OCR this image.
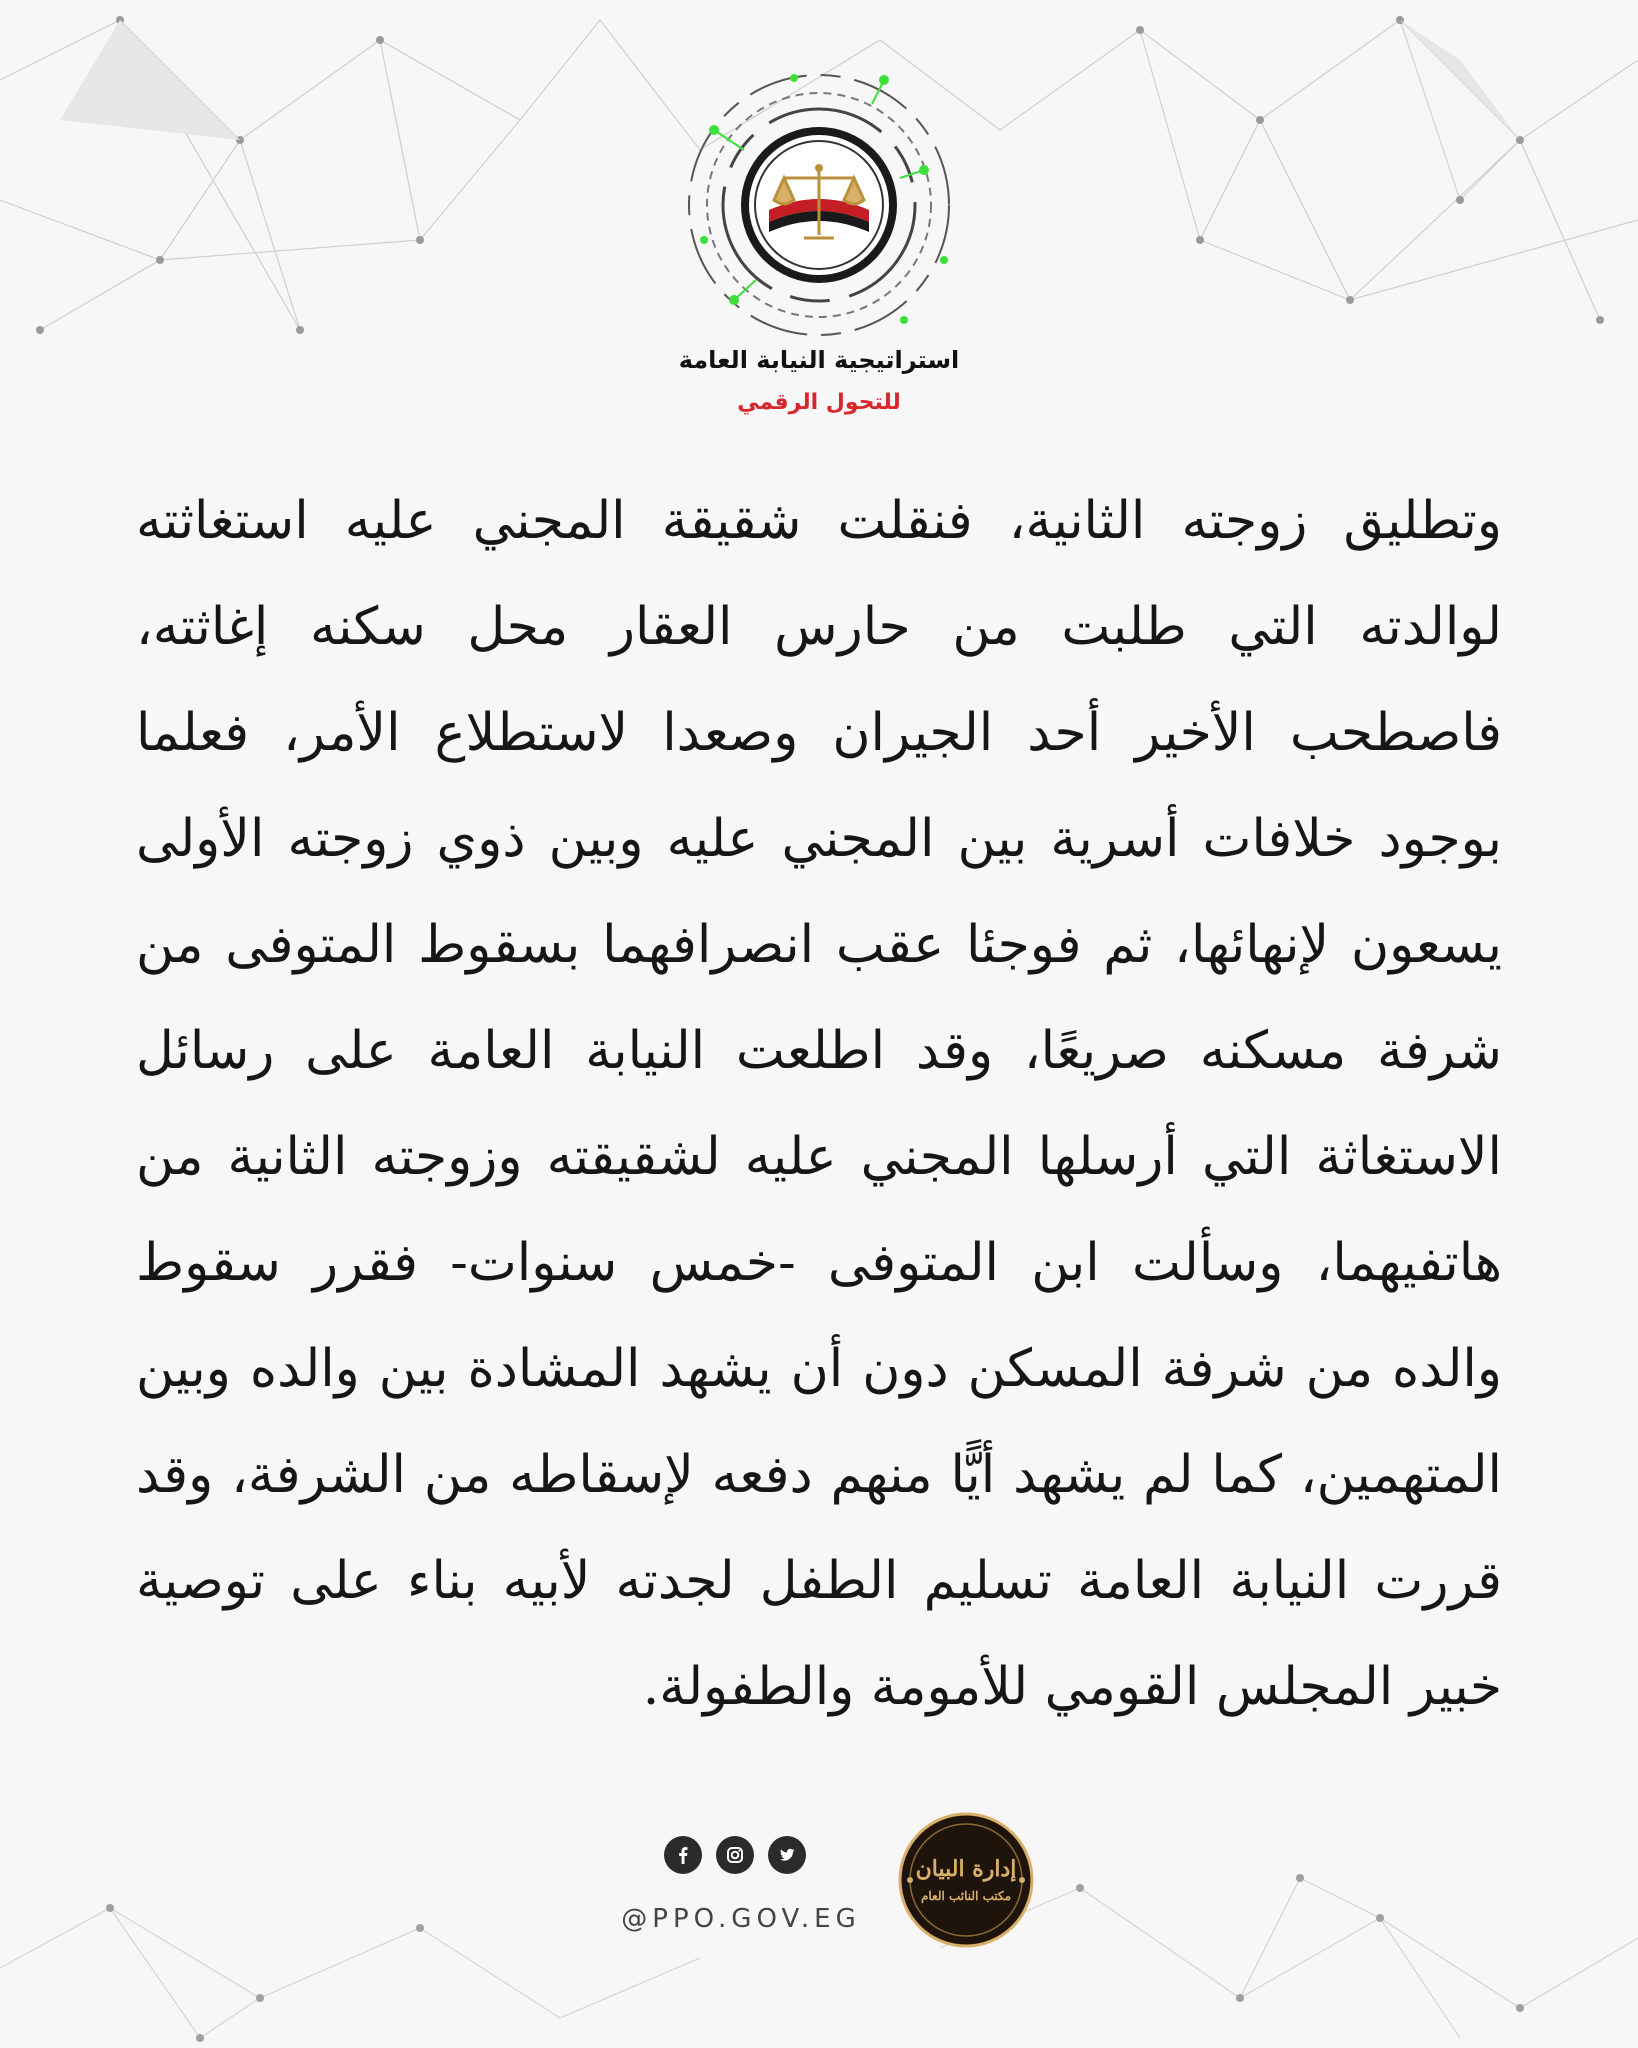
استراتيجية النيابة العامة
للتحول الرقمي

وتطليق زوجته الثانية، فنقلت شقيقة المجني عليه استغاثته لوالدته التي طلبت من حارس العقار محل سكنه إغاثته، فاصطحب الأخير أحد الجيران وصعدا لاستطلاع الأمر، فعلما بوجود خلافات أسرية بين المجني عليه وبين ذوي زوجته الأولى يسعون لإنهائها، ثم فوجئا عقب انصرافهما بسقوط المتوفى من شرفة مسكنه صريعًا، وقد اطلعت النيابة العامة على رسائل الاستغاثة التي أرسلها المجني عليه لشقيقته وزوجته الثانية من هاتفيهما، وسألت ابن المتوفى -خمس سنوات- فقرر سقوط والده من شرفة المسكن دون أن يشهد المشادة بين والده وبين المتهمين، كما لم يشهد أيًّا منهم دفعه لإسقاطه من الشرفة، وقد قررت النيابة العامة تسليم الطفل لجدته لأبيه بناء على توصية خبير المجلس القومي للأمومة والطفولة.

@PPO.GOV.EG
إدارة البيان
مكتب النائب العام
